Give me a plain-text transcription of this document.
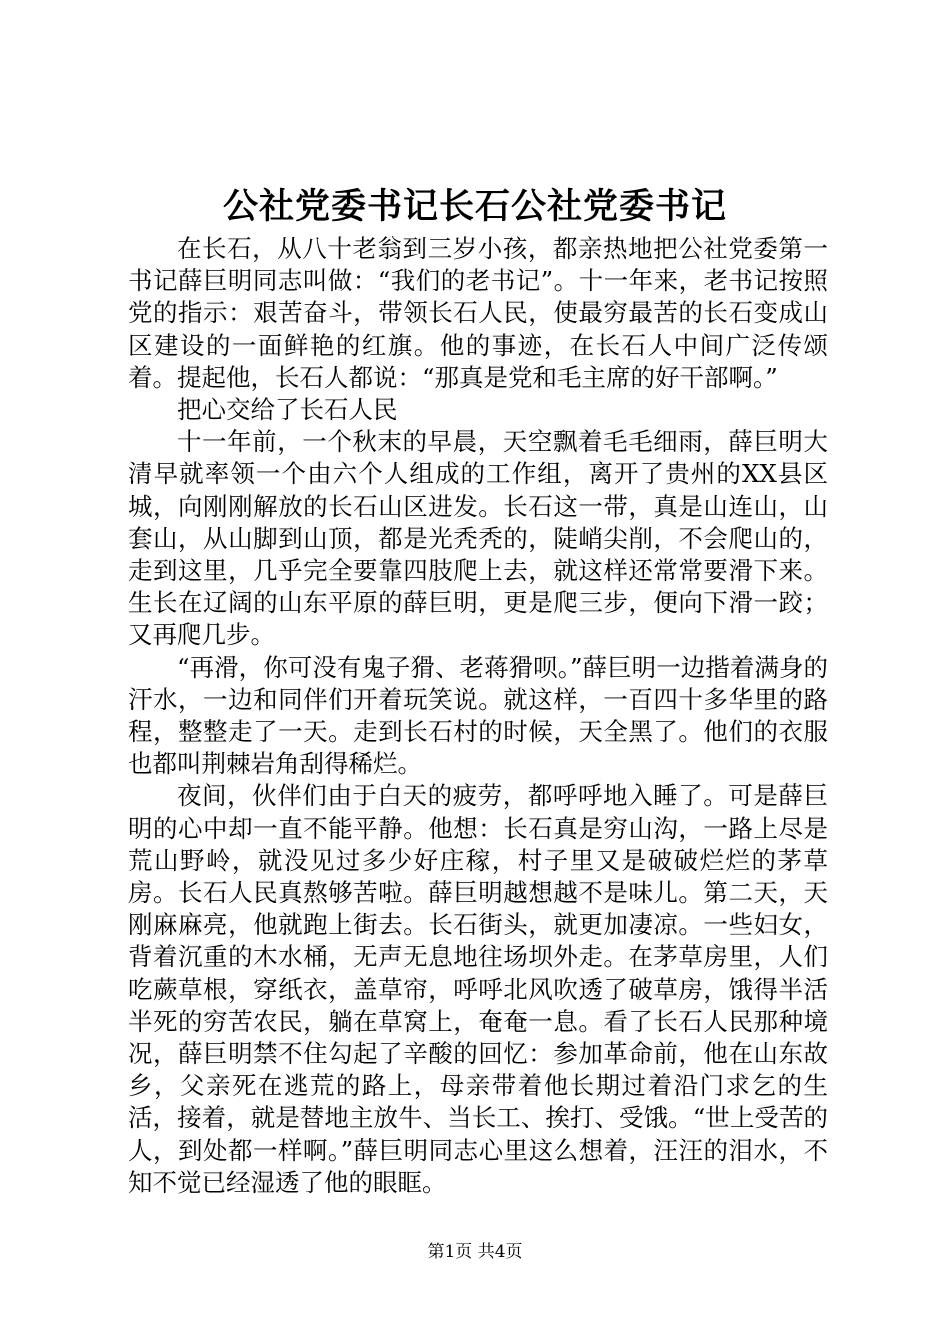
公社党委书记长石公社党委书记

在长石，从八十老翁到三岁小孩，都亲热地把公社党委第一书记薛巨明同志叫做：“我们的老书记”。十一年来，老书记按照党的指示：艰苦奋斗，带领长石人民，使最穷最苦的长石变成山区建设的一面鲜艳的红旗。他的事迹，在长石人中间广泛传颂着。提起他，长石人都说：“那真是党和毛主席的好干部啊。”

把心交给了长石人民

十一年前，一个秋末的早晨，天空飘着毛毛细雨，薛巨明大清早就率领一个由六个人组成的工作组，离开了贵州的XX县区城，向刚刚解放的长石山区进发。长石这一带，真是山连山，山套山，从山脚到山顶，都是光秃秃的，陡峭尖削，不会爬山的，走到这里，几乎完全要靠四肢爬上去，就这样还常常要滑下来。生长在辽阔的山东平原的薛巨明，更是爬三步，便向下滑一跤；又再爬几步。

“再滑，你可没有鬼子猾、老蒋猾呗。”薛巨明一边揩着满身的汗水，一边和同伴们开着玩笑说。就这样，一百四十多华里的路程，整整走了一天。走到长石村的时候，天全黑了。他们的衣服也都叫荆棘岩角刮得稀烂。

夜间，伙伴们由于白天的疲劳，都呼呼地入睡了。可是薛巨明的心中却一直不能平静。他想：长石真是穷山沟，一路上尽是荒山野岭，就没见过多少好庄稼，村子里又是破破烂烂的茅草房。长石人民真熬够苦啦。薛巨明越想越不是味儿。第二天，天刚麻麻亮，他就跑上街去。长石街头，就更加凄凉。一些妇女，背着沉重的木水桶，无声无息地往场坝外走。在茅草房里，人们吃蕨草根，穿纸衣，盖草帘，呼呼北风吹透了破草房，饿得半活半死的穷苦农民，躺在草窝上，奄奄一息。看了长石人民那种境况，薛巨明禁不住勾起了辛酸的回忆：参加革命前，他在山东故乡，父亲死在逃荒的路上，母亲带着他长期过着沿门求乞的生活，接着，就是替地主放牛、当长工、挨打、受饿。“世上受苦的人，到处都一样啊。”薛巨明同志心里这么想着，汪汪的泪水，不知不觉已经湿透了他的眼眶。

第1页 共4页
